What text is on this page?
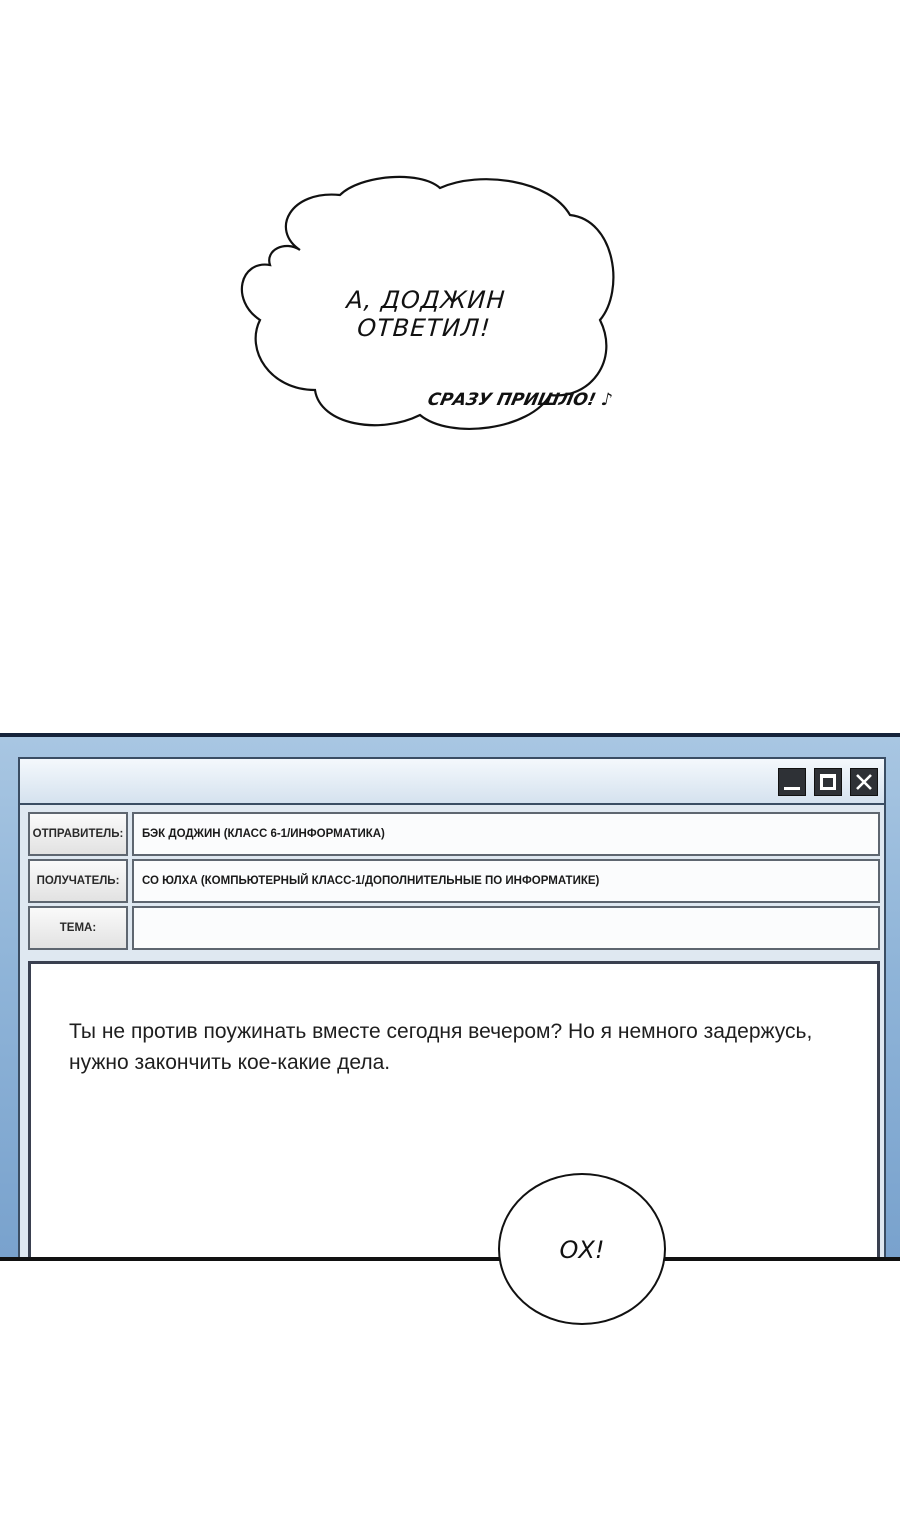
А, ДОДЖИН ОТВЕТИЛ!
СРАЗУ ПРИШЛО! ♪
ОТПРАВИТЕЛЬ:	БЭК ДОДЖИН (КЛАСС 6-1/ИНФОРМАТИКА)
ПОЛУЧАТЕЛЬ:	СО ЮЛХА (КОМПЬЮТЕРНЫЙ КЛАСС-1/ДОПОЛНИТЕЛЬНЫЕ ПО ИНФОРМАТИКЕ)
ТЕМА:
Ты не против поужинать вместе сегодня вечером? Но я немного задержусь, нужно закончить кое-какие дела.
ОХ!
